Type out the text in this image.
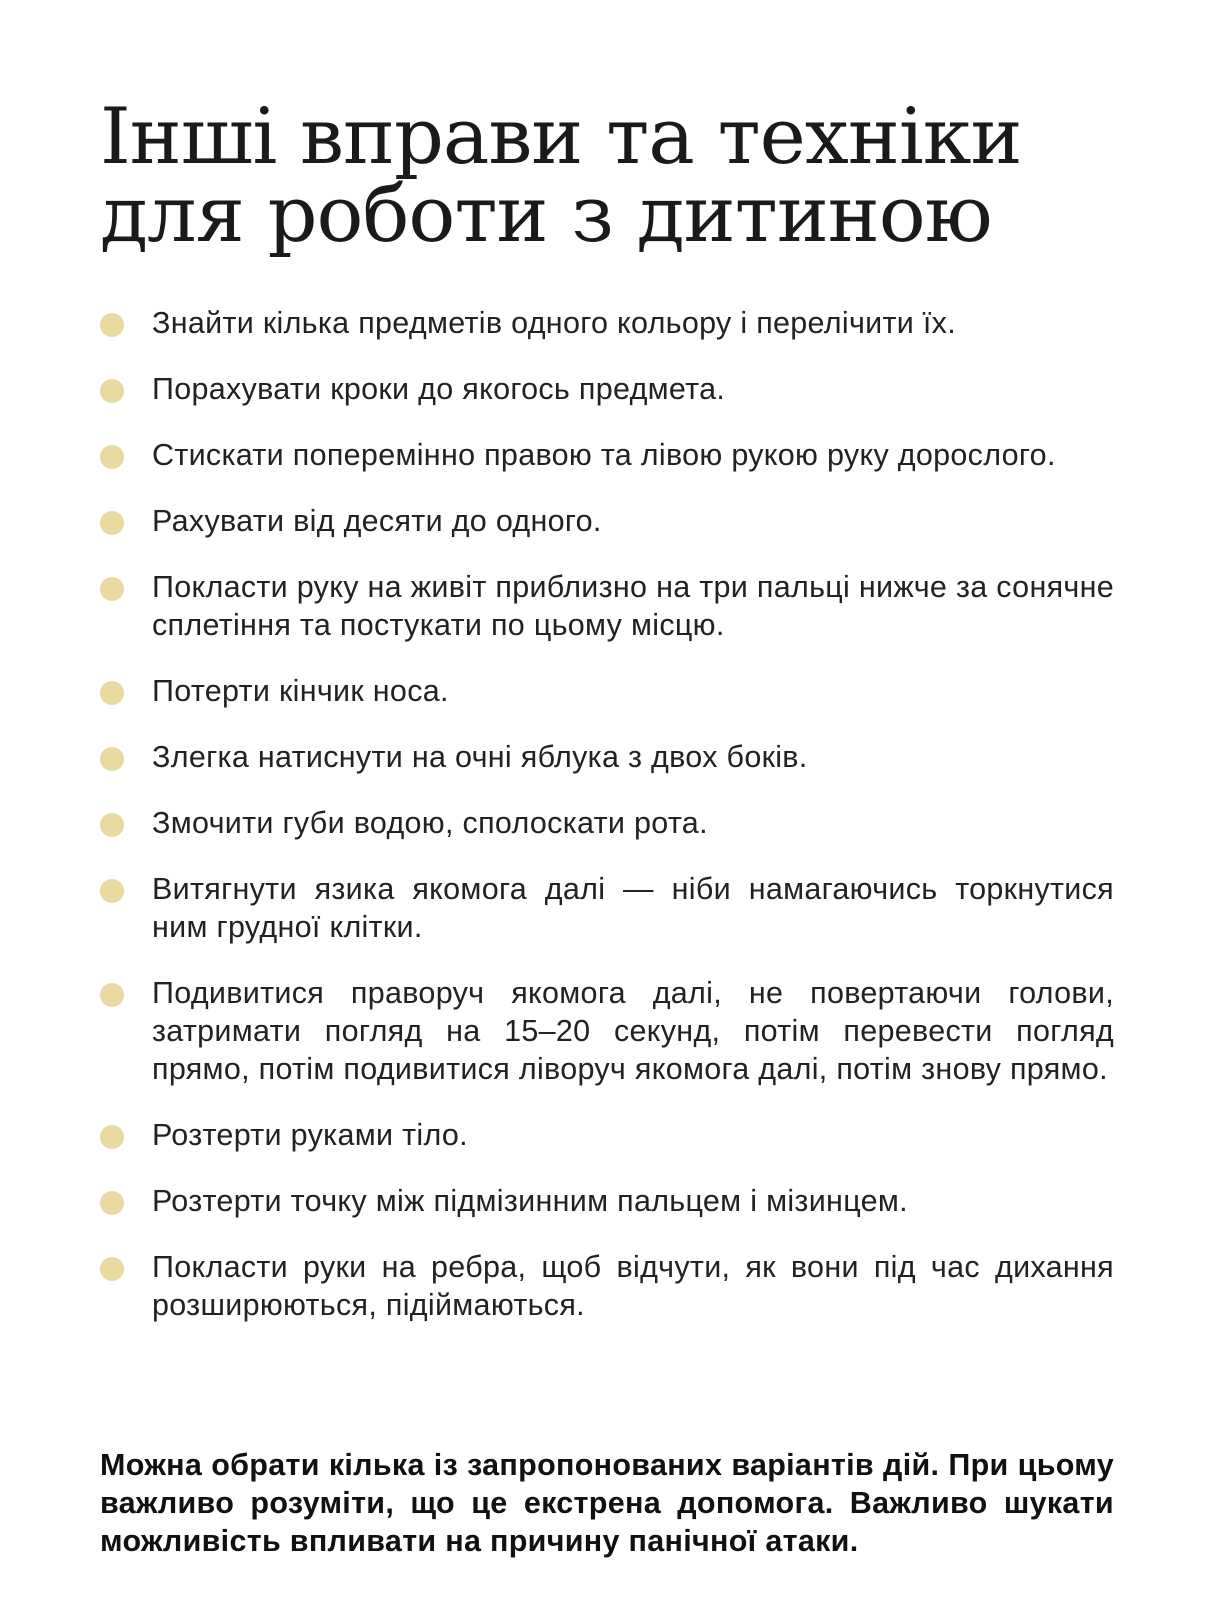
Інші вправи та техніки
для роботи з дитиною
Знайти кілька предметів одного кольору і перелічити їх.
Порахувати кроки до якогось предмета.
Стискати поперемінно правою та лівою рукою руку дорослого.
Рахувати від десяти до одного.
Покласти руку на живіт приблизно на три пальці нижче за сонячне сплетіння та постукати по цьому місцю.
Потерти кінчик носа.
Злегка натиснути на очні яблука з двох боків.
Змочити губи водою, сполоскати рота.
Витягнути язика якомога далі — ніби намагаючись торкнутися ним грудної клітки.
Подивитися праворуч якомога далі, не повертаючи голови, затримати погляд на 15–20 секунд, потім перевести погляд прямо, потім подивитися ліворуч якомога далі, потім знову прямо.
Розтерти руками тіло.
Розтерти точку між підмізинним пальцем і мізинцем.
Покласти руки на ребра, щоб відчути, як вони під час дихання розширюються, підіймаються.

Можна обрати кілька із запропонованих варіантів дій. При цьому важливо розуміти, що це екстрена допомога. Важливо шукати можливість впливати на причину панічної атаки.
